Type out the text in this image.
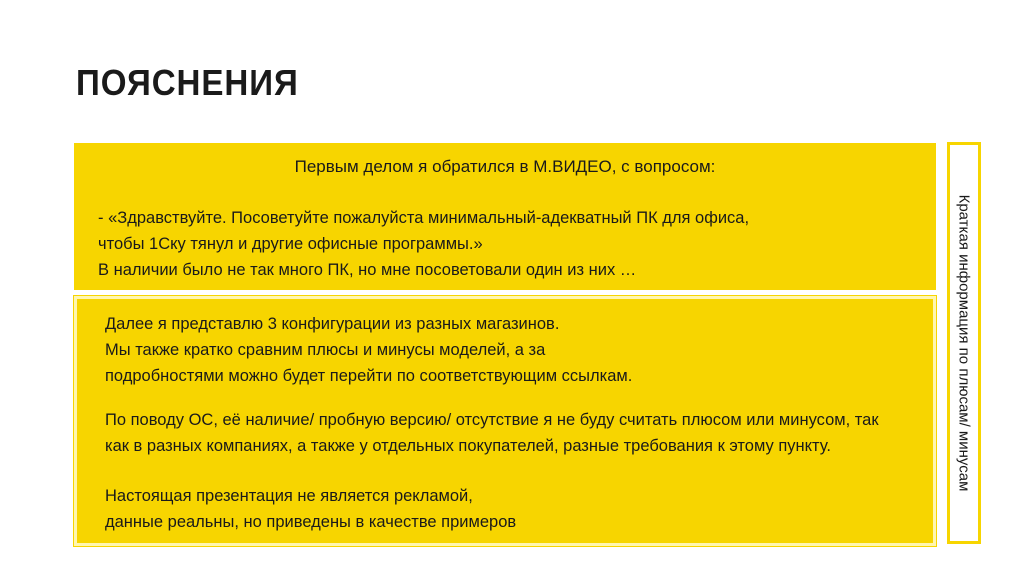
ПОЯСНЕНИЯ
Первым делом я обратился в М.ВИДЕО, с вопросом:
- «Здравствуйте. Посоветуйте пожалуйста минимальный-адекватный ПК для офиса,
чтобы 1Cку тянул и другие офисные программы.»
В наличии было не так много ПК, но мне посоветовали один из них …
Далее я представлю 3 конфигурации из разных магазинов.
Мы также кратко сравним плюсы и минусы моделей, а за
подробностями можно будет перейти по соответствующим ссылкам.
По поводу ОС, её наличие/ пробную версию/ отсутствие я не буду считать плюсом или минусом, так
как в разных компаниях, а также у отдельных покупателей, разные требования к этому пункту.
Настоящая презентация не является рекламой,
данные реальны, но приведены в качестве примеров
Краткая информация по плюсам/ минусам
